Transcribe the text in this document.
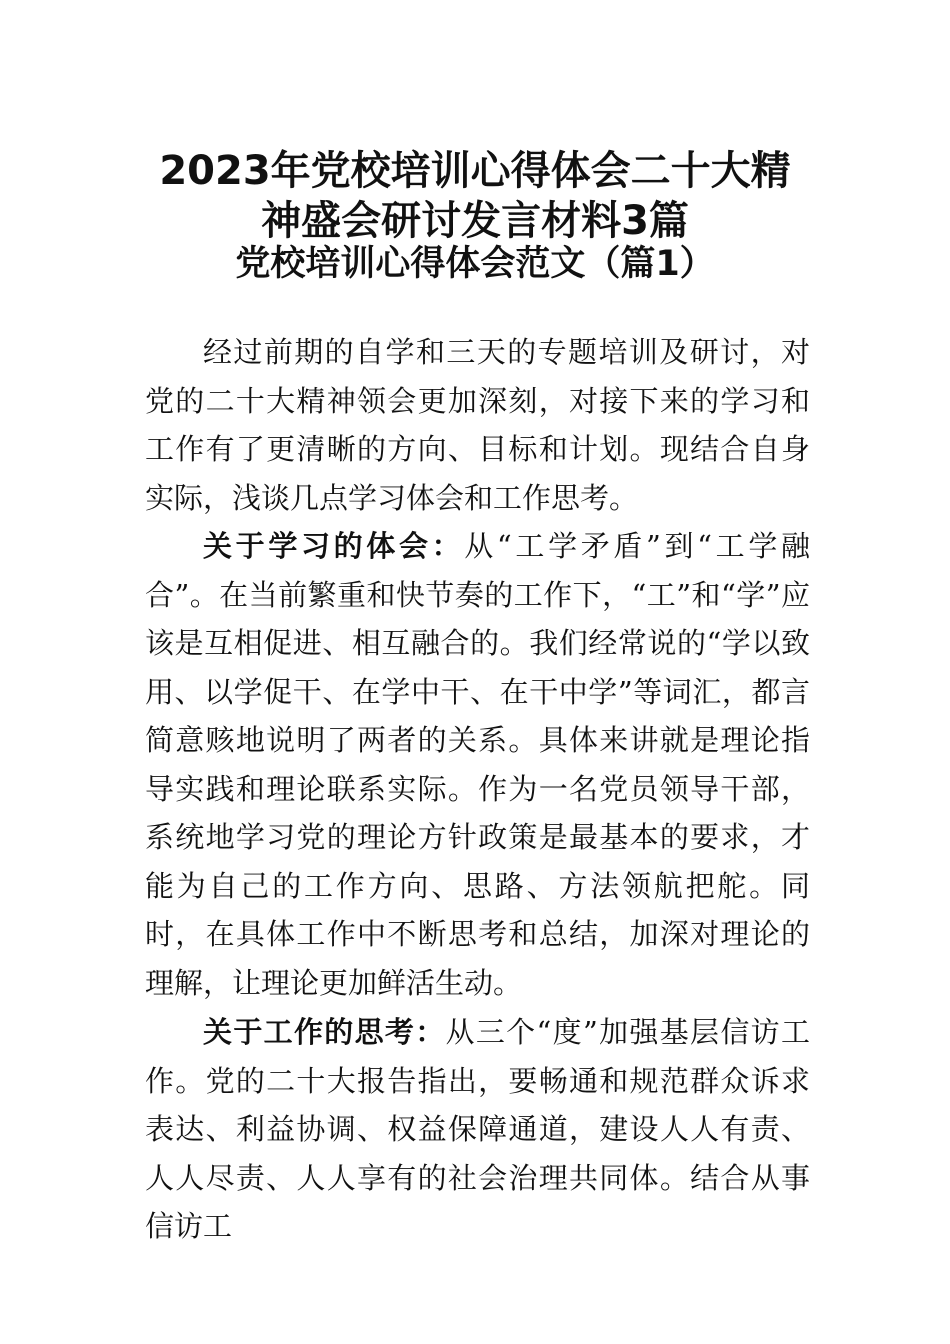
2023年党校培训心得体会二十大精
神盛会研讨发言材料3篇
党校培训心得体会范文（篇1）

经过前期的自学和三天的专题培训及研讨，对党的二十大精神领会更加深刻，对接下来的学习和工作有了更清晰的方向、目标和计划。现结合自身实际，浅谈几点学习体会和工作思考。

关于学习的体会：从“工学矛盾”到“工学融合”。在当前繁重和快节奏的工作下，“工”和“学”应该是互相促进、相互融合的。我们经常说的“学以致用、以学促干、在学中干、在干中学”等词汇，都言简意赅地说明了两者的关系。具体来讲就是理论指导实践和理论联系实际。作为一名党员领导干部，系统地学习党的理论方针政策是最基本的要求，才能为自己的工作方向、思路、方法领航把舵。同时，在具体工作中不断思考和总结，加深对理论的理解，让理论更加鲜活生动。

关于工作的思考：从三个“度”加强基层信访工作。党的二十大报告指出，要畅通和规范群众诉求表达、利益协调、权益保障通道，建设人人有责、人人尽责、人人享有的社会治理共同体。结合从事信访工
